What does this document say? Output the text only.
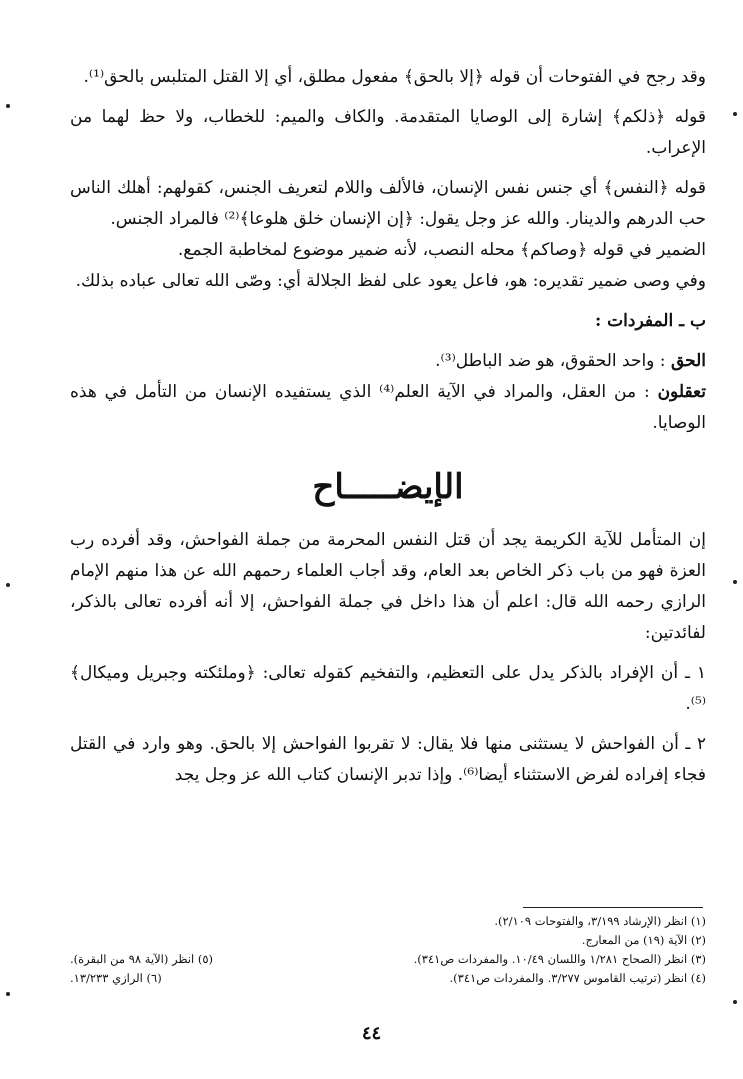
وقد رجح في الفتوحات أن قوله ﴿إلا بالحق﴾ مفعول مطلق، أي إلا القتل المتلبس بالحق⁽¹⁾.

قوله ﴿ذلكم﴾ إشارة إلى الوصايا المتقدمة. والكاف والميم: للخطاب، ولا حظ لهما من الإعراب.

قوله ﴿النفس﴾ أي جنس نفس الإنسان، فالألف واللام لتعريف الجنس، كقولهم: أهلك الناس حب الدرهم والدينار. والله عز وجل يقول: ﴿إن الإنسان خلق هلوعا﴾⁽²⁾ فالمراد الجنس.

الضمير في قوله ﴿وصاكم﴾ محله النصب، لأنه ضمير موضوع لمخاطبة الجمع.

وفي وصى ضمير تقديره: هو، فاعل يعود على لفظ الجلالة أي: وصّى الله تعالى عباده بذلك.

ب ـ المفردات :

الحق : واحد الحقوق، هو ضد الباطل⁽³⁾.

تعقلون : من العقل، والمراد في الآية العلم⁽⁴⁾ الذي يستفيده الإنسان من التأمل في هذه الوصايا.

الإيضـــــاح

إن المتأمل للآية الكريمة يجد أن قتل النفس المحرمة من جملة الفواحش، وقد أفرده رب العزة فهو من باب ذكر الخاص بعد العام، وقد أجاب العلماء رحمهم الله عن هذا منهم الإمام الرازي رحمه الله قال: اعلم أن هذا داخل في جملة الفواحش، إلا أنه أفرده تعالى بالذكر، لفائدتين:

١ ـ أن الإفراد بالذكر يدل على التعظيم، والتفخيم كقوله تعالى: ﴿وملئكته وجبريل وميكال﴾⁽⁵⁾.

٢ ـ أن الفواحش لا يستثنى منها فلا يقال: لا تقربوا الفواحش إلا بالحق. وهو وارد في القتل فجاء إفراده لفرض الاستثناء أيضا⁽⁶⁾. وإذا تدبر الإنسان كتاب الله عز وجل يجد

(١) انظر (الإرشاد ٣/١٩٩، والفتوحات ٢/١٠٩).
(٢) الآية (١٩) من المعارج.
(٣) انظر (الصحاح ١/٢٨١ واللسان ١٠/٤٩. والمفردات ص٣٤١).
(٥) انظر (الآية ٩٨ من البقرة).
(٤) انظر (ترتيب القاموس ٣/٢٧٧. والمفردات ص٣٤١).
(٦) الرازي ١٣/٢٣٣.
٤٤
